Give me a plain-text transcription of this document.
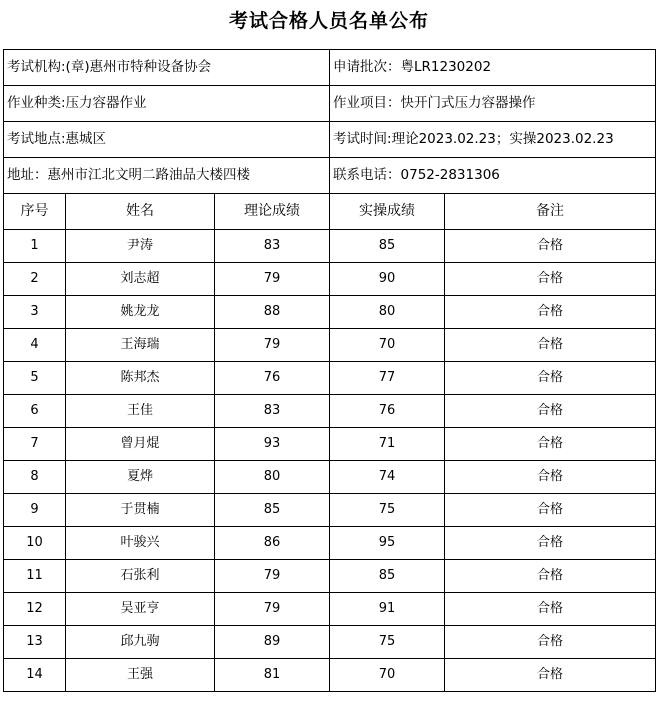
考试合格人员名单公布
考试机构:(章)惠州市特种设备协会			申请批次：粤LR1230202	
作业种类:压力容器作业			作业项目：快开门式压力容器操作	
考试地点:惠城区			考试时间:理论2023.02.23；实操2023.02.23	
地址：惠州市江北文明二路油品大楼四楼			联系电话：0752-2831306	
序号	姓名	理论成绩	实操成绩	备注
1	尹涛	83	85	合格
2	刘志超	79	90	合格
3	姚龙龙	88	80	合格
4	王海瑞	79	70	合格
5	陈邦杰	76	77	合格
6	王佳	83	76	合格
7	曾月焜	93	71	合格
8	夏烨	80	74	合格
9	于贯楠	85	75	合格
10	叶骏兴	86	95	合格
11	石张利	79	85	合格
12	吴亚亨	79	91	合格
13	邱九驹	89	75	合格
14	王强	81	70	合格
